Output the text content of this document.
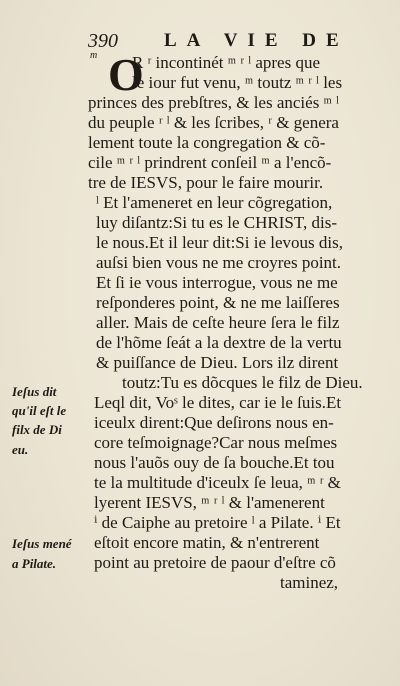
390 LA VIE DE
m O
R ʳ incontinét ᵐ ʳ ˡ apres que
le iour fut venu, ᵐ toutz ᵐ ʳ ˡ les
princes des prebſtres, & les anciés ᵐ ˡ
du peuple ʳ ˡ & les ſcribes, ʳ & genera
lement toute la congregation & cõ-
cile ᵐ ʳ ˡ prindrent conſeil ᵐ a l'encõ-
tre de IESVS, pour le faire mourir.
ˡ Et l'ameneret en leur cõgregation,
luy diſantz:Si tu es le CHRIST, dis-
le nous.Et il leur dit:Si ie levous dis,
auſsi bien vous ne me croyres point.
Et ſi ie vous interrogue, vous ne me
reſponderes point, & ne me laiſſeres
aller. Mais de ceſte heure ſera le filz
de l'hõme ſeát a la dextre de la vertu
& puiſſance de Dieu. Lors ilz dirent
toutz:Tu es dõcques le filz de Dieu.
Leql dit, Voˢ le dites, car ie le ſuis.Et
iceulx dirent:Que deſirons nous en-
core teſmoignage?Car nous meſmes
nous l'auõs ouy de ſa bouche.Et tou
te la multitude d'iceulx ſe leua, ᵐ ʳ &
lyerent IESVS, ᵐ ʳ ˡ & l'amenerent
ⁱ de Caiphe au pretoire ˡ a Pilate. ⁱ Et
eſtoit encore matin, & n'entrerent
point au pretoire de paour d'eſtre cõ
taminez,
Ieſus dit
qu'il eſt le
filx de Di
eu.
Ieſus mené
a Pilate.
